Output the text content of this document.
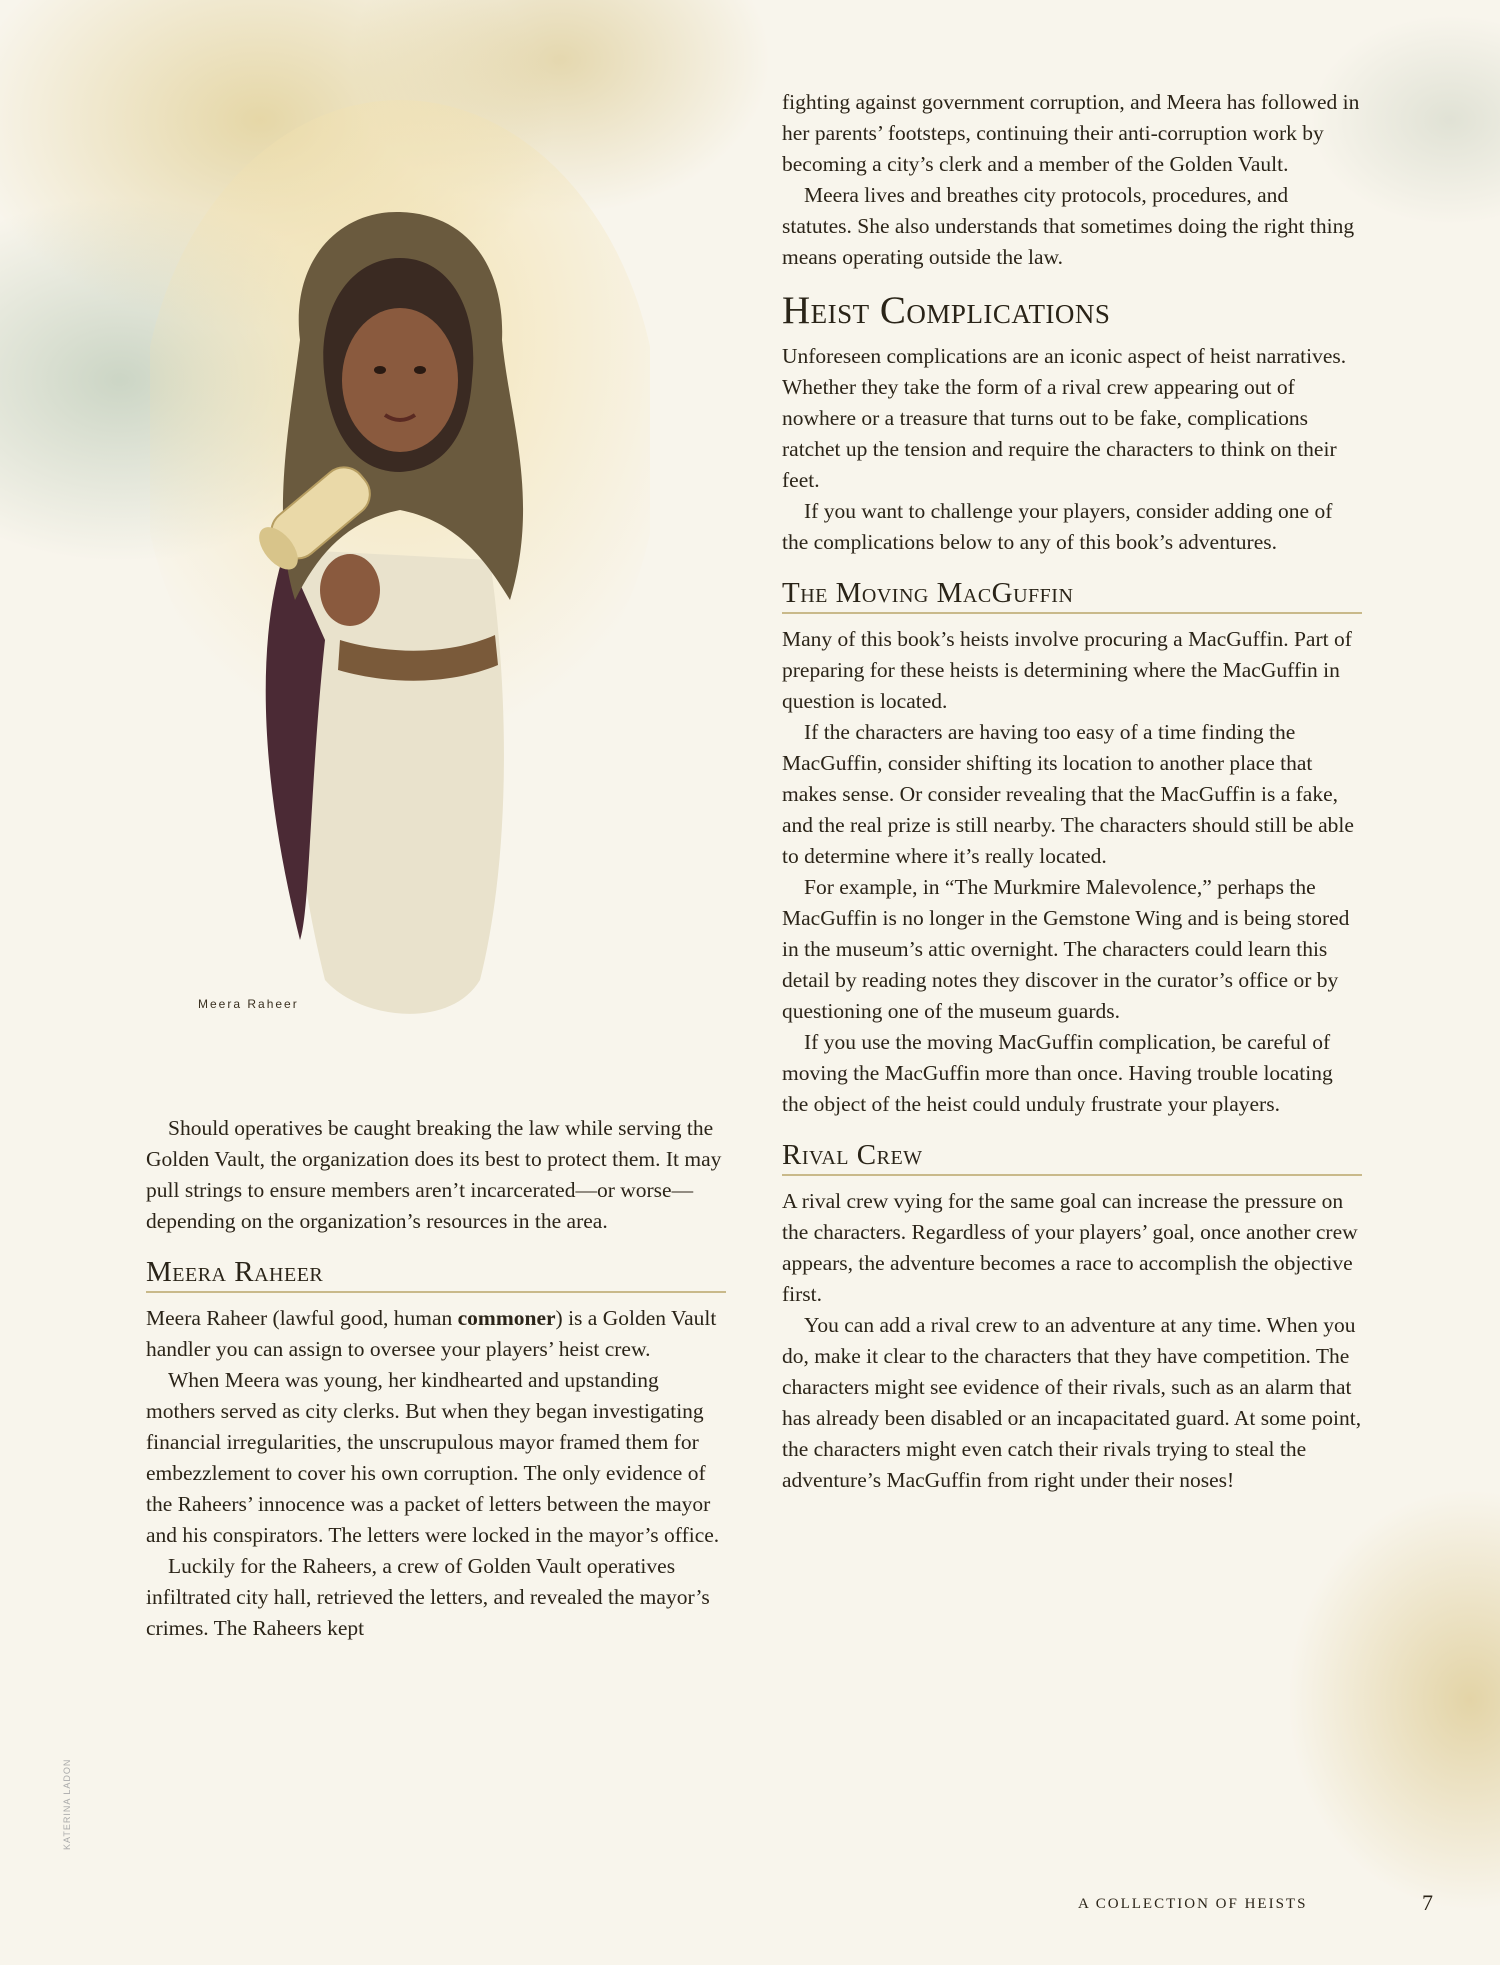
Meera Raheer
KATERINA LADON

Should operatives be caught breaking the law while serving the Golden Vault, the organization does its best to protect them. It may pull strings to ensure members aren’t incarcerated—or worse—depending on the organization’s resources in the area.

Meera Raheer

Meera Raheer (lawful good, human commoner) is a Golden Vault handler you can assign to oversee your players’ heist crew.

When Meera was young, her kindhearted and upstanding mothers served as city clerks. But when they began investigating financial irregularities, the unscrupulous mayor framed them for embezzlement to cover his own corruption. The only evidence of the Raheers’ innocence was a packet of letters between the mayor and his conspirators. The letters were locked in the mayor’s office.

Luckily for the Raheers, a crew of Golden Vault operatives infiltrated city hall, retrieved the letters, and revealed the mayor’s crimes. The Raheers kept

fighting against government corruption, and Meera has followed in her parents’ footsteps, continuing their anti-corruption work by becoming a city’s clerk and a member of the Golden Vault.

Meera lives and breathes city protocols, procedures, and statutes. She also understands that sometimes doing the right thing means operating outside the law.

Heist Complications

Unforeseen complications are an iconic aspect of heist narratives. Whether they take the form of a rival crew appearing out of nowhere or a treasure that turns out to be fake, complications ratchet up the tension and require the characters to think on their feet.

If you want to challenge your players, consider adding one of the complications below to any of this book’s adventures.

The Moving MacGuffin

Many of this book’s heists involve procuring a MacGuffin. Part of preparing for these heists is determining where the MacGuffin in question is located.

If the characters are having too easy of a time finding the MacGuffin, consider shifting its location to another place that makes sense. Or consider revealing that the MacGuffin is a fake, and the real prize is still nearby. The characters should still be able to determine where it’s really located.

For example, in “The Murkmire Malevolence,” perhaps the MacGuffin is no longer in the Gemstone Wing and is being stored in the museum’s attic overnight. The characters could learn this detail by reading notes they discover in the curator’s office or by questioning one of the museum guards.

If you use the moving MacGuffin complication, be careful of moving the MacGuffin more than once. Having trouble locating the object of the heist could unduly frustrate your players.

Rival Crew

A rival crew vying for the same goal can increase the pressure on the characters. Regardless of your players’ goal, once another crew appears, the adventure becomes a race to accomplish the objective first.

You can add a rival crew to an adventure at any time. When you do, make it clear to the characters that they have competition. The characters might see evidence of their rivals, such as an alarm that has already been disabled or an incapacitated guard. At some point, the characters might even catch their rivals trying to steal the adventure’s MacGuffin from right under their noses!

A COLLECTION OF HEISTS	7
